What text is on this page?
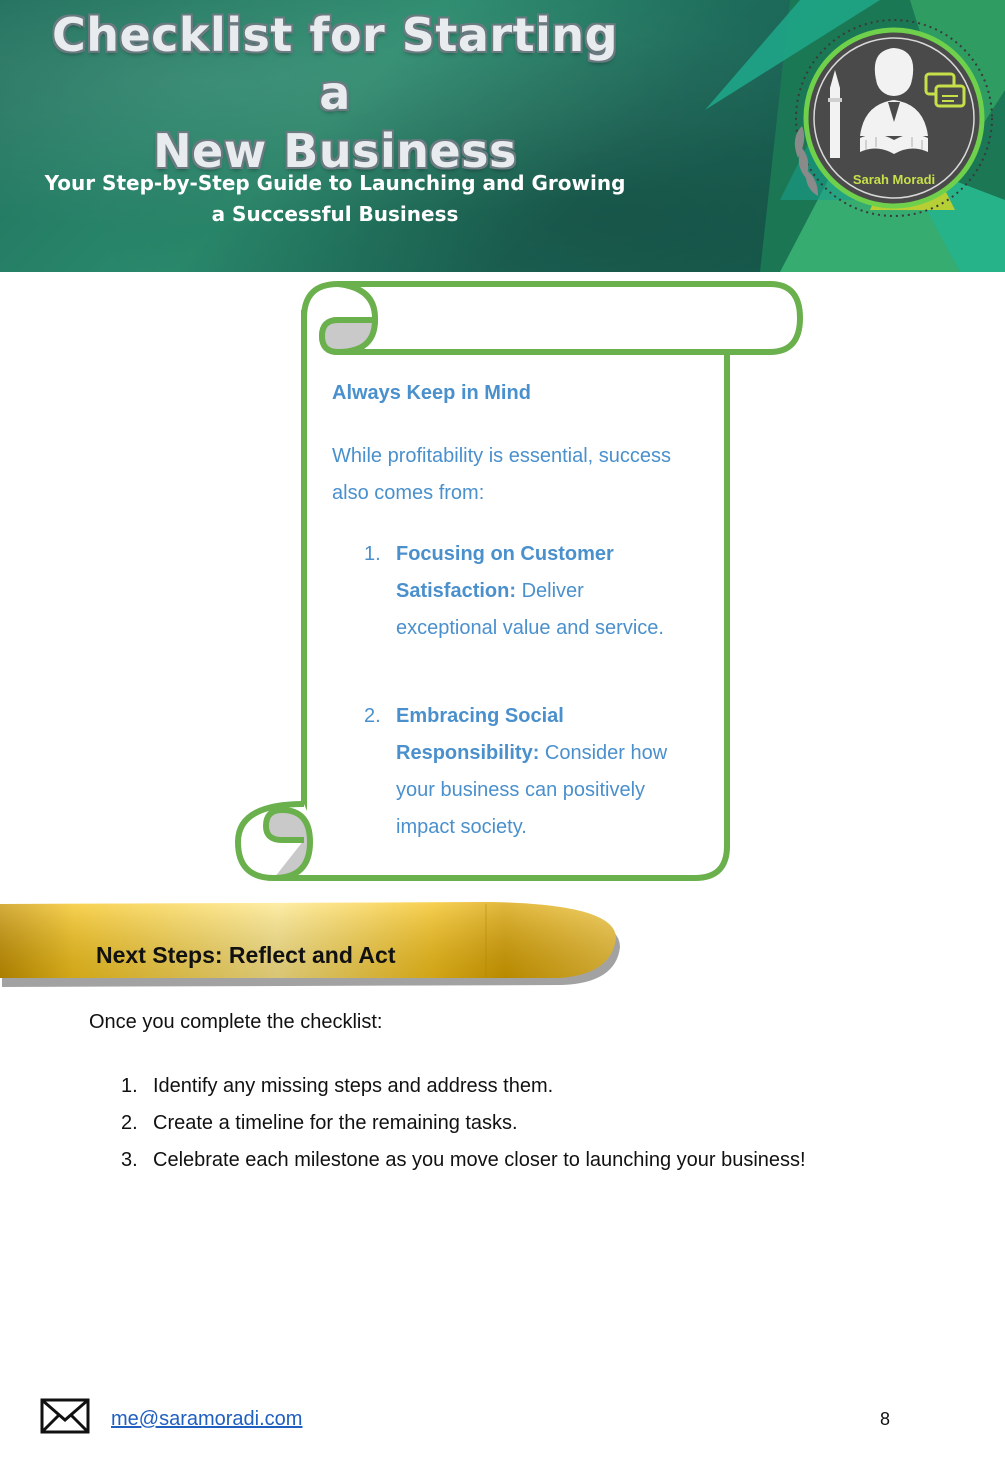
Checklist for Starting a
New Business
Your Step-by-Step Guide to Launching and Growing
a Successful Business
Sarah Moradi

Always Keep in Mind

While profitability is essential, success
also comes from:

1. Focusing on Customer
Satisfaction: Deliver
exceptional value and service.
2. Embracing Social
Responsibility: Consider how
your business can positively
impact society.
Next Steps: Reflect and Act

Once you complete the checklist:

1. Identify any missing steps and address them.
2. Create a timeline for the remaining tasks.
3. Celebrate each milestone as you move closer to launching your business!
me@saramoradi.com	8
